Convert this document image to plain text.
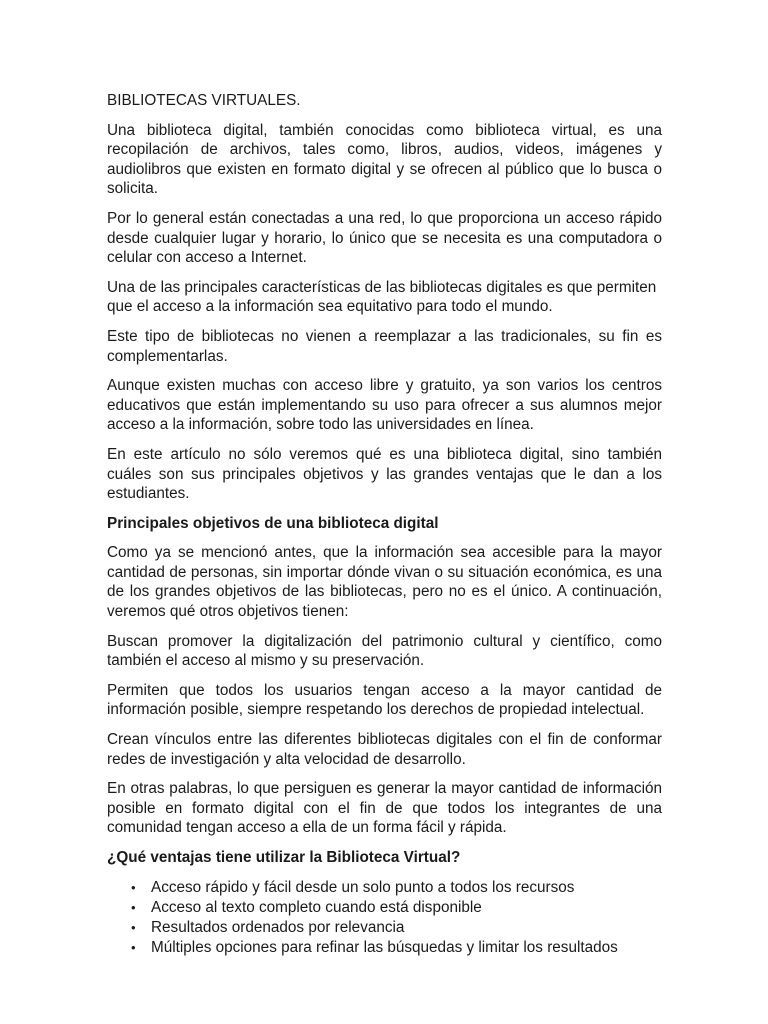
BIBLIOTECAS VIRTUALES.

Una biblioteca digital, también conocidas como biblioteca virtual, es una recopilación de archivos, tales como, libros, audios, videos, imágenes y audiolibros que existen en formato digital y se ofrecen al público que lo busca o solicita.

Por lo general están conectadas a una red, lo que proporciona un acceso rápido desde cualquier lugar y horario, lo único que se necesita es una computadora o celular con acceso a Internet.

Una de las principales características de las bibliotecas digitales es que permiten que el acceso a la información sea equitativo para todo el mundo.

Este tipo de bibliotecas no vienen a reemplazar a las tradicionales, su fin es complementarlas.

Aunque existen muchas con acceso libre y gratuito, ya son varios los centros educativos que están implementando su uso para ofrecer a sus alumnos mejor acceso a la información, sobre todo las universidades en línea.

En este artículo no sólo veremos qué es una biblioteca digital, sino también cuáles son sus principales objetivos y las grandes ventajas que le dan a los estudiantes.

Principales objetivos de una biblioteca digital

Como ya se mencionó antes, que la información sea accesible para la mayor cantidad de personas, sin importar dónde vivan o su situación económica, es una de los grandes objetivos de las bibliotecas, pero no es el único. A continuación, veremos qué otros objetivos tienen:

Buscan promover la digitalización del patrimonio cultural y científico, como también el acceso al mismo y su preservación.

Permiten que todos los usuarios tengan acceso a la mayor cantidad de información posible, siempre respetando los derechos de propiedad intelectual.

Crean vínculos entre las diferentes bibliotecas digitales con el fin de conformar redes de investigación y alta velocidad de desarrollo.

En otras palabras, lo que persiguen es generar la mayor cantidad de información posible en formato digital con el fin de que todos los integrantes de una comunidad tengan acceso a ella de un forma fácil y rápida.

¿Qué ventajas tiene utilizar la Biblioteca Virtual?
• Acceso rápido y fácil desde un solo punto a todos los recursos
• Acceso al texto completo cuando está disponible
• Resultados ordenados por relevancia
• Múltiples opciones para refinar las búsquedas y limitar los resultados
